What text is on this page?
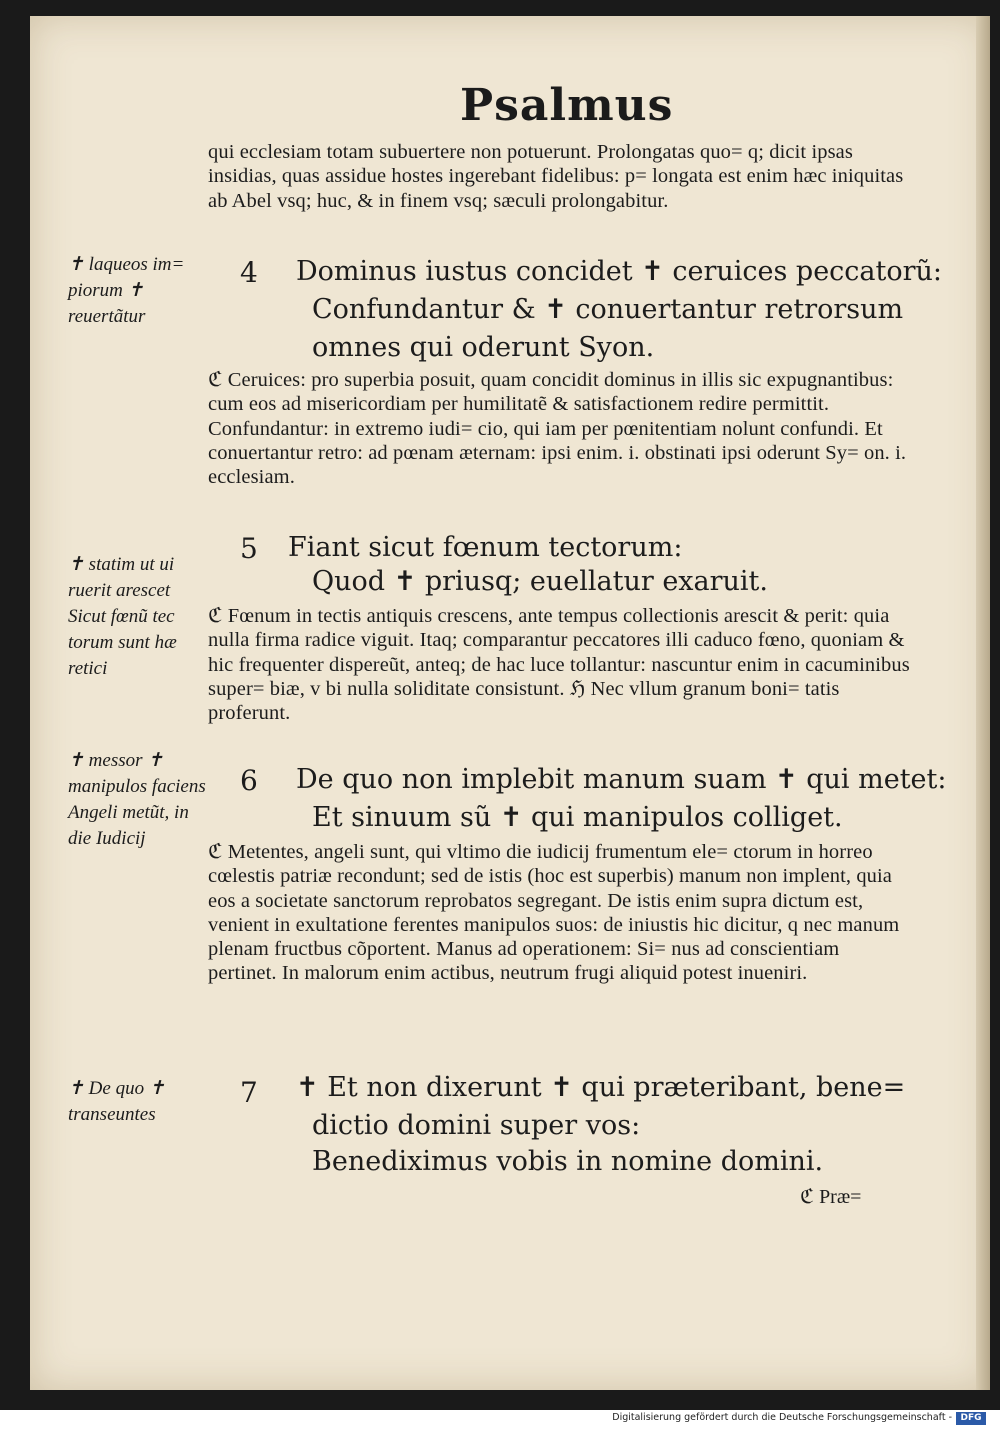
Psalmus
qui ecclesiam totam subuertere non potuerunt. Prolongatas quo= q; dicit ipsas insidias, quas assidue hostes ingerebant fidelibus: p= longata est enim hæc iniquitas ab Abel vsq; huc, & in finem vsq; sæculi prolongabitur.
✝ laqueos im= piorum ✝ reuertãtur
4 Dominus iustus concidet ✝ ceruices peccatorũ:
Confundantur & ✝ conuertantur retrorsum
omnes qui oderunt Syon.
ℭ Ceruices: pro superbia posuit, quam concidit dominus in illis sic expugnantibus: cum eos ad misericordiam per humilitatẽ & satisfactionem redire permittit. Confundantur: in extremo iudi= cio, qui iam per pœnitentiam nolunt confundi. Et conuertantur retro: ad pœnam æternam: ipsi enim. i. obstinati ipsi oderunt Sy= on. i. ecclesiam.
✝ statim ut ui ruerit arescet Sicut fœnũ tec torum sunt hæ retici
5 Fiant sicut fœnum tectorum:
Quod ✝ priusq; euellatur exaruit.
ℭ Fœnum in tectis antiquis crescens, ante tempus collectionis arescit & perit: quia nulla firma radice viguit. Itaq; comparantur peccatores illi caduco fœno, quoniam & hic frequenter dispereũt, anteq; de hac luce tollantur: nascuntur enim in cacuminibus super= biæ, v bi nulla soliditate consistunt. ℌ Nec vllum granum boni= tatis proferunt.
✝ messor ✝ manipulos faciens Angeli metũt, in die Iudicij
6 De quo non implebit manum suam ✝ qui metet:
Et sinuum sũ ✝ qui manipulos colliget.
ℭ Metentes, angeli sunt, qui vltimo die iudicij frumentum ele= ctorum in horreo cœlestis patriæ recondunt; sed de istis (hoc est superbis) manum non implent, quia eos a societate sanctorum reprobatos segregant. De istis enim supra dictum est, venient in exultatione ferentes manipulos suos: de iniustis hic dicitur, q nec manum plenam fructbus cõportent. Manus ad operationem: Si= nus ad conscientiam pertinet. In malorum enim actibus, neutrum frugi aliquid potest inueniri.
✝ De quo ✝ transeuntes
7 ✝ Et non dixerunt ✝ qui præteribant, bene=
dictio domini super vos:
Benediximus vobis in nomine domini.
ℭ Præ=
Digitalisierung gefördert durch die Deutsche Forschungsgemeinschaft - DFG
